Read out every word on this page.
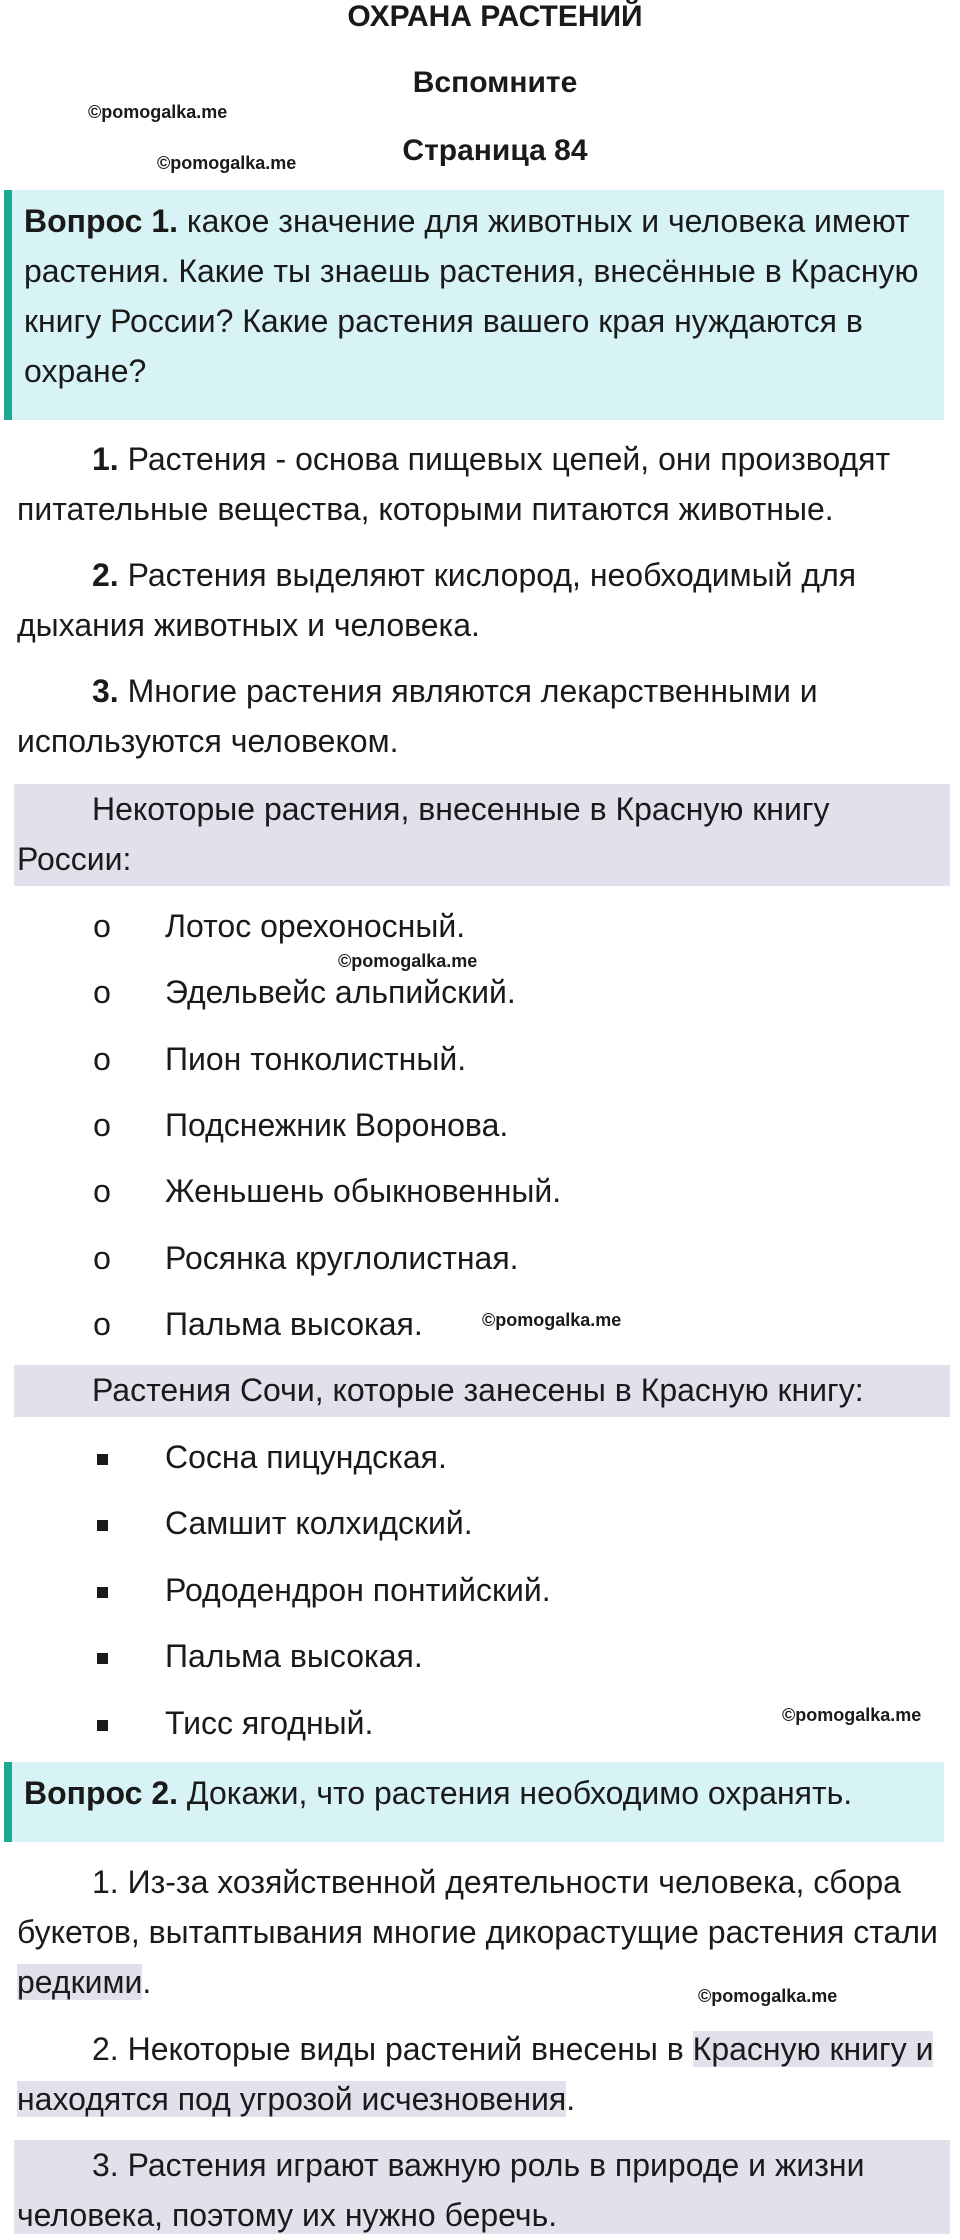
ОХРАНА РАСТЕНИЙ
Вспомните
Страница 84
©pomogalka.me
©pomogalka.me
Вопрос 1. какое значение для животных и человека имеют растения. Какие ты знаешь растения, внесённые в Красную книгу России? Какие растения вашего края нуждаются в охране?
1. Растения - основа пищевых цепей, они производят питательные вещества, которыми питаются животные.
2. Растения выделяют кислород, необходимый для дыхания животных и человека.
3. Многие растения являются лекарственными и используются человеком.
Некоторые растения, внесенные в Красную книгу России:
o Лотос орехоносный.
©pomogalka.me
o Эдельвейс альпийский.
o Пион тонколистный.
o Подснежник Воронова.
o Женьшень обыкновенный.
o Росянка круглолистная.
o Пальма высокая.	©pomogalka.me
Растения Сочи, которые занесены в Красную книгу:
Сосна пицундская.
Самшит колхидский.
Рододендрон понтийский.
Пальма высокая.
Тисс ягодный.	©pomogalka.me
Вопрос 2. Докажи, что растения необходимо охранять.
1. Из-за хозяйственной деятельности человека, сбора букетов, вытаптывания многие дикорастущие растения стали редкими.	©pomogalka.me
2. Некоторые виды растений внесены в Красную книгу и находятся под угрозой исчезновения.
3. Растения играют важную роль в природе и жизни человека, поэтому их нужно беречь.
